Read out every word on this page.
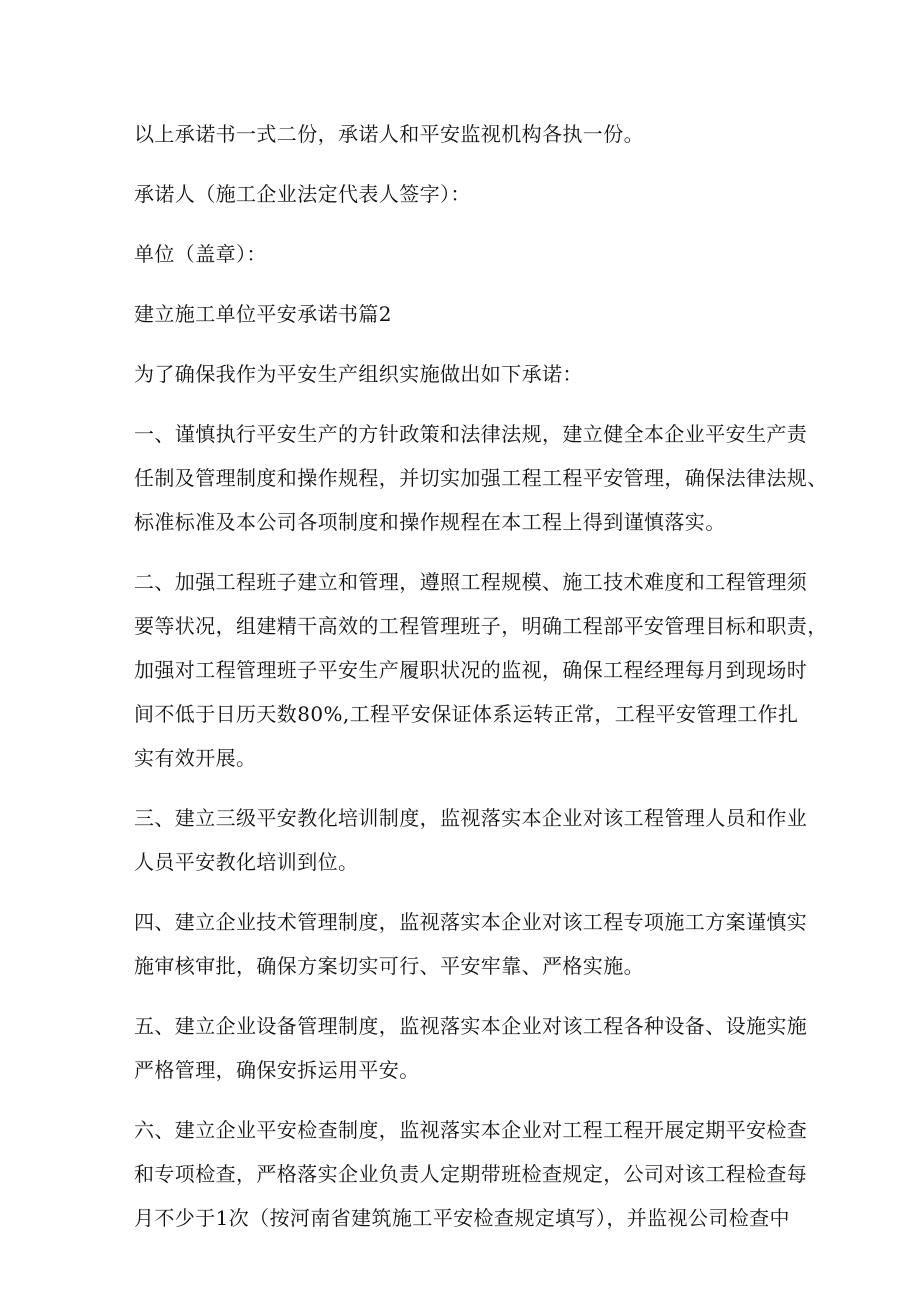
以上承诺书一式二份，承诺人和平安监视机构各执一份。
承诺人（施工企业法定代表人签字）：
单位（盖章）：
建立施工单位平安承诺书篇2
为了确保我作为平安生产组织实施做出如下承诺：
一、谨慎执行平安生产的方针政策和法律法规，建立健全本企业平安生产责
任制及管理制度和操作规程，并切实加强工程工程平安管理，确保法律法规、
标准标准及本公司各项制度和操作规程在本工程上得到谨慎落实。
二、加强工程班子建立和管理，遵照工程规模、施工技术难度和工程管理须
要等状况，组建精干高效的工程管理班子，明确工程部平安管理目标和职责，
加强对工程管理班子平安生产履职状况的监视，确保工程经理每月到现场时
间不低于日历天数80%,工程平安保证体系运转正常，工程平安管理工作扎
实有效开展。
三、建立三级平安教化培训制度，监视落实本企业对该工程管理人员和作业
人员平安教化培训到位。
四、建立企业技术管理制度，监视落实本企业对该工程专项施工方案谨慎实
施审核审批，确保方案切实可行、平安牢靠、严格实施。
五、建立企业设备管理制度，监视落实本企业对该工程各种设备、设施实施
严格管理，确保安拆运用平安。
六、建立企业平安检查制度，监视落实本企业对工程工程开展定期平安检查
和专项检查，严格落实企业负责人定期带班检查规定，公司对该工程检查每
月不少于1次（按河南省建筑施工平安检查规定填写），并监视公司检查中
